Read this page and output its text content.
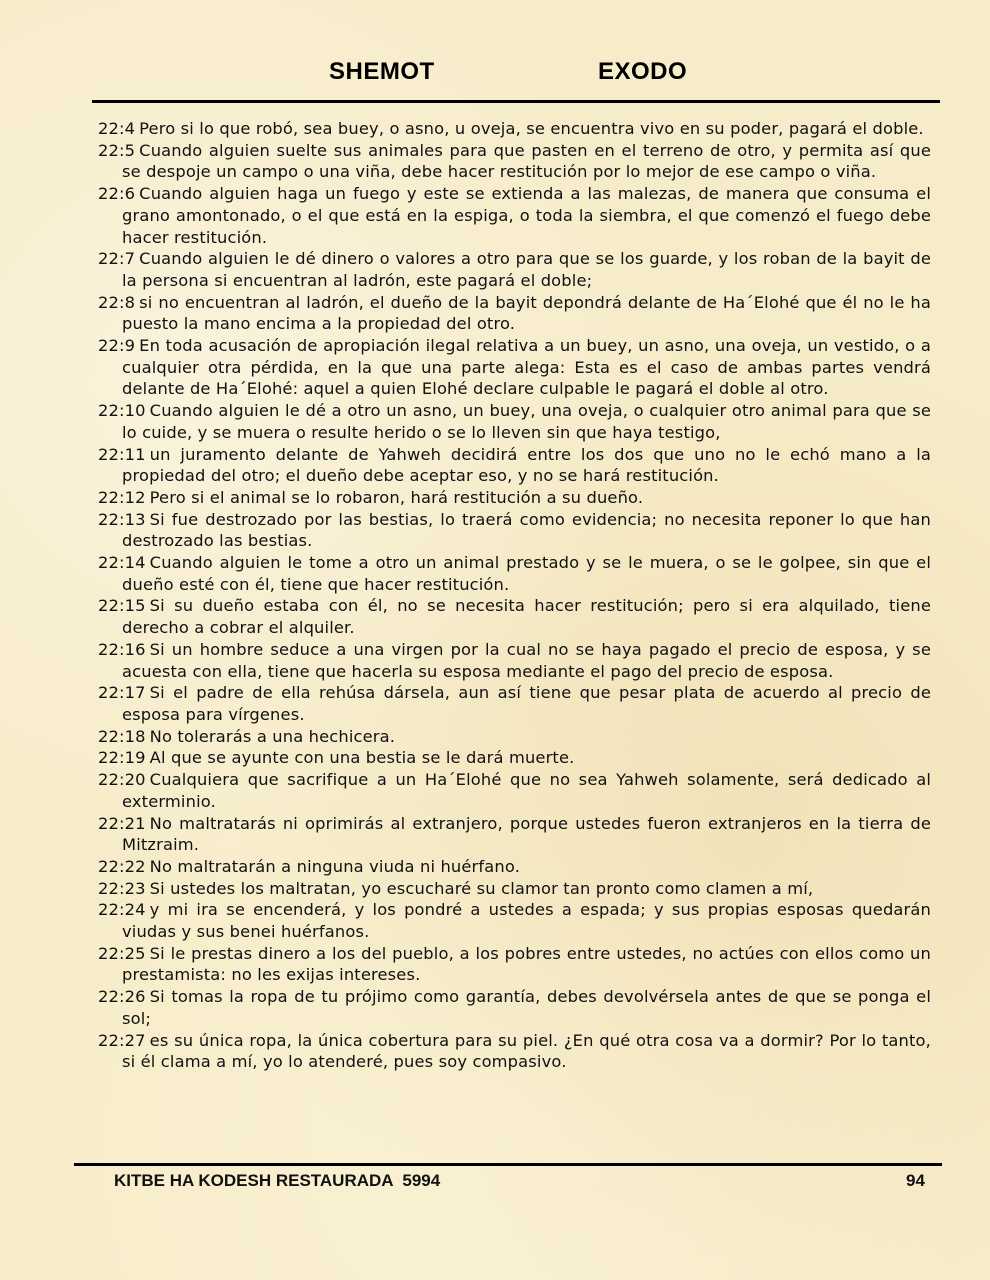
SHEMOT	EXODO

22:4 Pero si lo que robó, sea buey, o asno, u oveja, se encuentra vivo en su poder, pagará el doble.

22:5 Cuando alguien suelte sus animales para que pasten en el terreno de otro, y permita así que se despoje un campo o una viña, debe hacer restitución por lo mejor de ese campo o viña.

22:6 Cuando alguien haga un fuego y este se extienda a las malezas, de manera que consuma el grano amontonado, o el que está en la espiga, o toda la siembra, el que comenzó el fuego debe hacer restitución.

22:7 Cuando alguien le dé dinero o valores a otro para que se los guarde, y los roban de la bayit de la persona si encuentran al ladrón, este pagará el doble;

22:8 si no encuentran al ladrón, el dueño de la bayit depondrá delante de Ha´Elohé que él no le ha puesto la mano encima a la propiedad del otro.

22:9 En toda acusación de apropiación ilegal relativa a un buey, un asno, una oveja, un vestido, o a cualquier otra pérdida, en la que una parte alega: Esta es el caso de ambas partes vendrá delante de Ha´Elohé: aquel a quien Elohé declare culpable le pagará el doble al otro.

22:10 Cuando alguien le dé a otro un asno, un buey, una oveja, o cualquier otro animal para que se lo cuide, y se muera o resulte herido o se lo lleven sin que haya testigo,

22:11 un juramento delante de Yahweh decidirá entre los dos que uno no le echó mano a la propiedad del otro; el dueño debe aceptar eso, y no se hará restitución.

22:12 Pero si el animal se lo robaron, hará restitución a su dueño.

22:13 Si fue destrozado por las bestias, lo traerá como evidencia; no necesita reponer lo que han destrozado las bestias.

22:14 Cuando alguien le tome a otro un animal prestado y se le muera, o se le golpee, sin que el dueño esté con él, tiene que hacer restitución.

22:15 Si su dueño estaba con él, no se necesita hacer restitución; pero si era alquilado, tiene derecho a cobrar el alquiler.

22:16 Si un hombre seduce a una virgen por la cual no se haya pagado el precio de esposa, y se acuesta con ella, tiene que hacerla su esposa mediante el pago del precio de esposa.

22:17 Si el padre de ella rehúsa dársela, aun así tiene que pesar plata de acuerdo al precio de esposa para vírgenes.

22:18 No tolerarás a una hechicera.

22:19 Al que se ayunte con una bestia se le dará muerte.

22:20 Cualquiera que sacrifique a un Ha´Elohé que no sea Yahweh solamente, será dedicado al exterminio.

22:21 No maltratarás ni oprimirás al extranjero, porque ustedes fueron extranjeros en la tierra de Mitzraim.

22:22 No maltratarán a ninguna viuda ni huérfano.

22:23 Si ustedes los maltratan, yo escucharé su clamor tan pronto como clamen a mí,

22:24 y mi ira se encenderá, y los pondré a ustedes a espada; y sus propias esposas quedarán viudas y sus benei huérfanos.

22:25 Si le prestas dinero a los del pueblo, a los pobres entre ustedes, no actúes con ellos como un prestamista: no les exijas intereses.

22:26 Si tomas la ropa de tu prójimo como garantía, debes devolvérsela antes de que se ponga el sol;

22:27 es su única ropa, la única cobertura para su piel. ¿En qué otra cosa va a dormir? Por lo tanto, si él clama a mí, yo lo atenderé, pues soy compasivo.

KITBE HA KODESH RESTAURADA  5994	94
